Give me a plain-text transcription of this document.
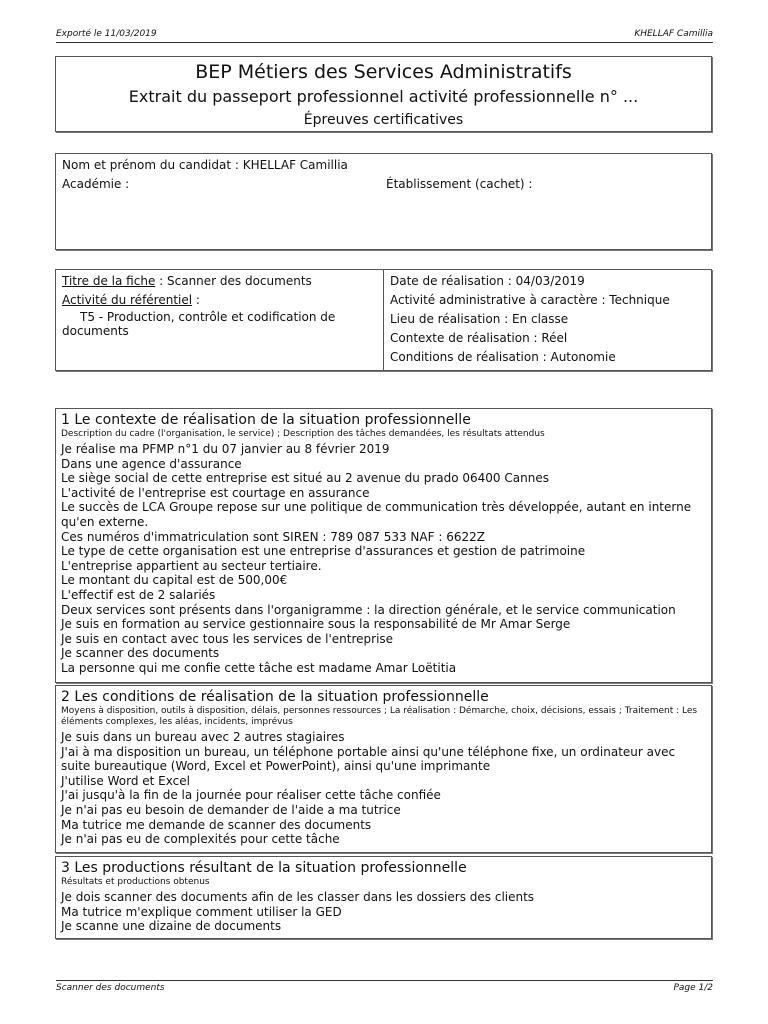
Exporté le 11/03/2019	KHELLAF Camillia
BEP Métiers des Services Administratifs
Extrait du passeport professionnel activité professionnelle n° ...
Épreuves certificatives
Nom et prénom du candidat : KHELLAF Camillia
Académie :	Établissement (cachet) :
Titre de la fiche : Scanner des documents
Activité du référentiel :
T5 - Production, contrôle et codification de documents
Date de réalisation : 04/03/2019
Activité administrative à caractère : Technique
Lieu de réalisation : En classe
Contexte de réalisation : Réel
Conditions de réalisation : Autonomie
1 Le contexte de réalisation de la situation professionnelle
Description du cadre (l'organisation, le service) ; Description des tâches demandées, les résultats attendus
Je réalise ma PFMP n°1 du 07 janvier au 8 février 2019
Dans une agence d'assurance
Le siège social de cette entreprise est situé au 2 avenue du prado 06400 Cannes
L'activité de l'entreprise est courtage en assurance
Le succès de LCA Groupe repose sur une politique de communication très développée, autant en interne qu'en externe.
Ces numéros d'immatriculation sont SIREN : 789 087 533 NAF : 6622Z
Le type de cette organisation est une entreprise d'assurances et gestion de patrimoine
L'entreprise appartient au secteur tertiaire.
Le montant du capital est de 500,00€
L'effectif est de 2 salariés
Deux services sont présents dans l'organigramme : la direction générale, et le service communication
Je suis en formation au service gestionnaire sous la responsabilité de Mr Amar Serge
Je suis en contact avec tous les services de l'entreprise
Je scanner des documents
La personne qui me confie cette tâche est madame Amar Loëtitia
2 Les conditions de réalisation de la situation professionnelle
Moyens à disposition, outils à disposition, délais, personnes ressources ; La réalisation : Démarche, choix, décisions, essais ; Traitement : Les éléments complexes, les aléas, incidents, imprévus
Je suis dans un bureau avec 2 autres stagiaires
J'ai à ma disposition un bureau, un téléphone portable ainsi qu'une téléphone fixe, un ordinateur avec suite bureautique (Word, Excel et PowerPoint), ainsi qu'une imprimante
J'utilise Word et Excel
J'ai jusqu'à la fin de la journée pour réaliser cette tâche confiée
Je n'ai pas eu besoin de demander de l'aide a ma tutrice
Ma tutrice me demande de scanner des documents
Je n'ai pas eu de complexités pour cette tâche
3 Les productions résultant de la situation professionnelle
Résultats et productions obtenus
Je dois scanner des documents afin de les classer dans les dossiers des clients
Ma tutrice m'explique comment utiliser la GED
Je scanne une dizaine de documents
Scanner des documents	Page 1/2
